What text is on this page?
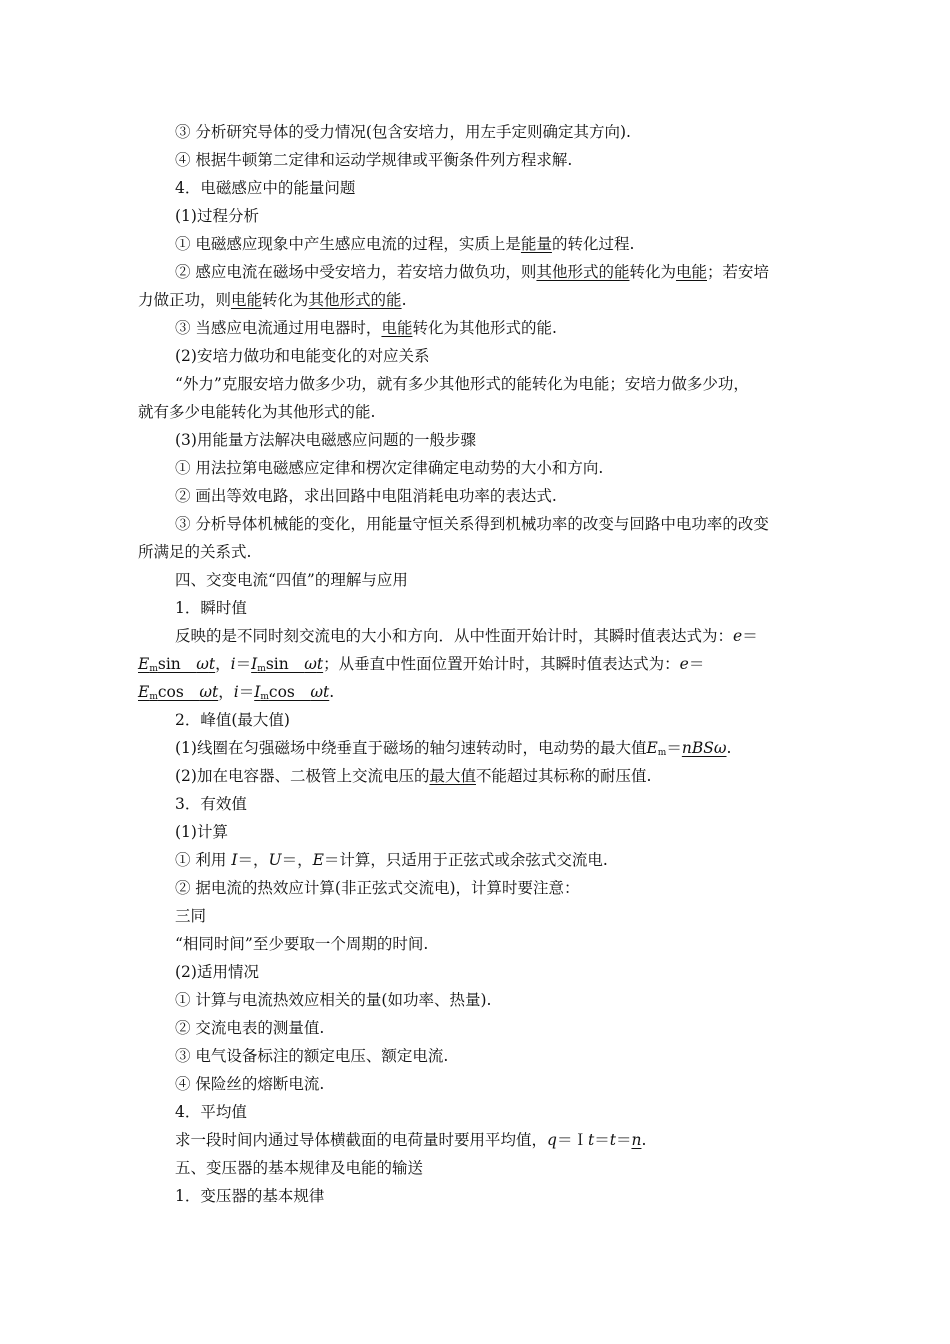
③ 分析研究导体的受力情况(包含安培力，用左手定则确定其方向).
④ 根据牛顿第二定律和运动学规律或平衡条件列方程求解.
4．电磁感应中的能量问题
(1)过程分析
① 电磁感应现象中产生感应电流的过程，实质上是能量的转化过程.
② 感应电流在磁场中受安培力，若安培力做负功，则其他形式的能转化为电能；若安培
力做正功，则电能转化为其他形式的能.
③ 当感应电流通过用电器时，电能转化为其他形式的能.
(2)安培力做功和电能变化的对应关系
“外力”克服安培力做多少功，就有多少其他形式的能转化为电能；安培力做多少功，
就有多少电能转化为其他形式的能.
(3)用能量方法解决电磁感应问题的一般步骤
① 用法拉第电磁感应定律和楞次定律确定电动势的大小和方向.
② 画出等效电路，求出回路中电阻消耗电功率的表达式.
③ 分析导体机械能的变化，用能量守恒关系得到机械功率的改变与回路中电功率的改变
所满足的关系式.
四、交变电流“四值”的理解与应用
1．瞬时值
反映的是不同时刻交流电的大小和方向．从中性面开始计时，其瞬时值表达式为：e＝
$E_m\sin$　ωt，$i=I_m\sin$　ωt；从垂直中性面位置开始计时，其瞬时值表达式为：e＝
$E_m\cos$　ωt，$i=I_m\cos$　ωt.
2．峰值(最大值)
(1)线圈在匀强磁场中绕垂直于磁场的轴匀速转动时，电动势的最大值$E_m=nBS\omega$.
(2)加在电容器、二极管上交流电压的最大值不能超过其标称的耐压值.
3．有效值
(1)计算
① 利用 I＝，U＝，E＝计算，只适用于正弦式或余弦式交流电.
② 据电流的热效应计算(非正弦式交流电)，计算时要注意：
三同
“相同时间”至少要取一个周期的时间.
(2)适用情况
① 计算与电流热效应相关的量(如功率、热量).
② 交流电表的测量值.
③ 电气设备标注的额定电压、额定电流.
④ 保险丝的熔断电流.
4．平均值
求一段时间内通过导体横截面的电荷量时要用平均值，q＝Ｉt＝t＝n.
五、变压器的基本规律及电能的输送
1．变压器的基本规律
